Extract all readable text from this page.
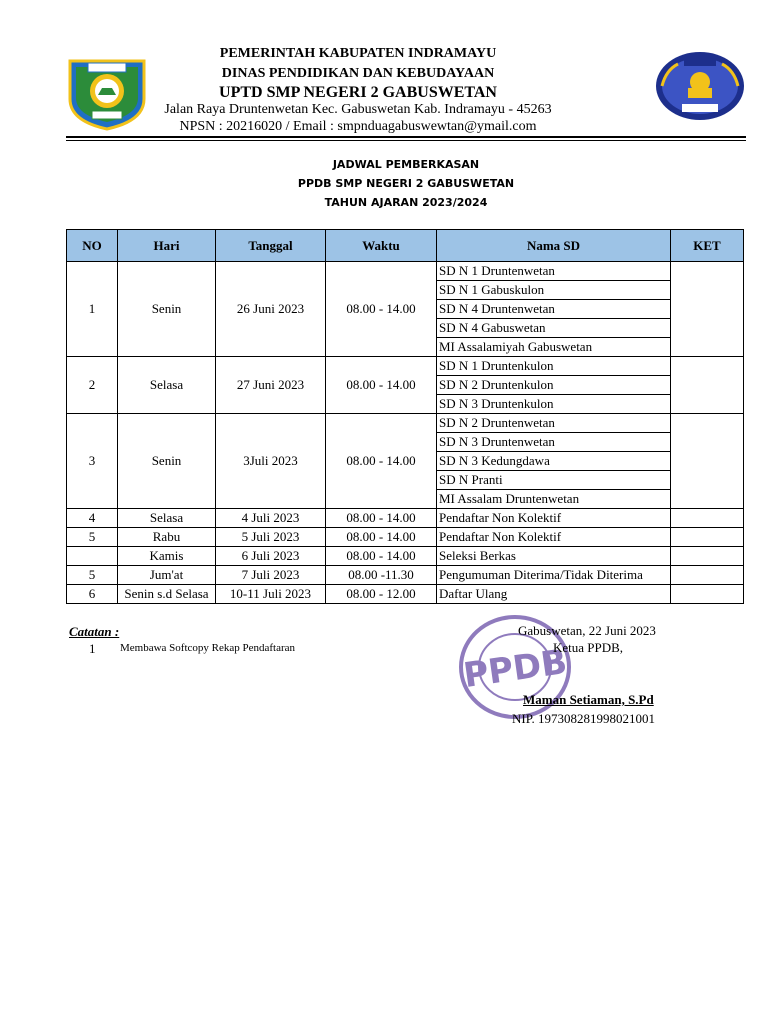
PEMERINTAH KABUPATEN INDRAMAYU
DINAS PENDIDIKAN DAN KEBUDAYAAN
UPTD SMP NEGERI 2 GABUSWETAN
Jalan Raya Druntenwetan Kec. Gabuswetan Kab. Indramayu - 45263
NPSN : 20216020 / Email : smpnduagabuswewtan@ymail.com
JADWAL PEMBERKASAN
PPDB SMP NEGERI 2 GABUSWETAN
TAHUN AJARAN 2023/2024
NO	Hari	Tanggal	Waktu	Nama SD	KET
1	Senin	26 Juni 2023	08.00 - 14.00	SD N 1 Druntenwetan	
				SD N 1 Gabuskulon	
				SD N 4 Druntenwetan	
				SD N 4 Gabuswetan	
				MI Assalamiyah Gabuswetan	
2	Selasa	27 Juni 2023	08.00 - 14.00	SD N 1 Druntenkulon	
				SD N 2 Druntenkulon	
				SD N 3 Druntenkulon	
3	Senin	3Juli 2023	08.00 - 14.00	SD N 2 Druntenwetan	
				SD N 3 Druntenwetan	
				SD N 3 Kedungdawa	
				SD N Pranti	
				MI Assalam Druntenwetan	
4	Selasa	4 Juli 2023	08.00 - 14.00	Pendaftar Non Kolektif	
5	Rabu	5 Juli 2023	08.00 - 14.00	Pendaftar Non Kolektif	
	Kamis	6 Juli 2023	08.00 - 14.00	Seleksi Berkas	
5	Jum'at	7 Juli 2023	08.00 -11.30	Pengumuman Diterima/Tidak Diterima	
6	Senin s.d Selasa	10-11 Juli 2023	08.00 - 12.00	Daftar Ulang	
Catatan :
1 Membawa Softcopy Rekap Pendaftaran	PPDB
Gabuswetan, 22 Juni 2023
Ketua PPDB,
Maman Setiaman, S.Pd
NIP. 197308281998021001
